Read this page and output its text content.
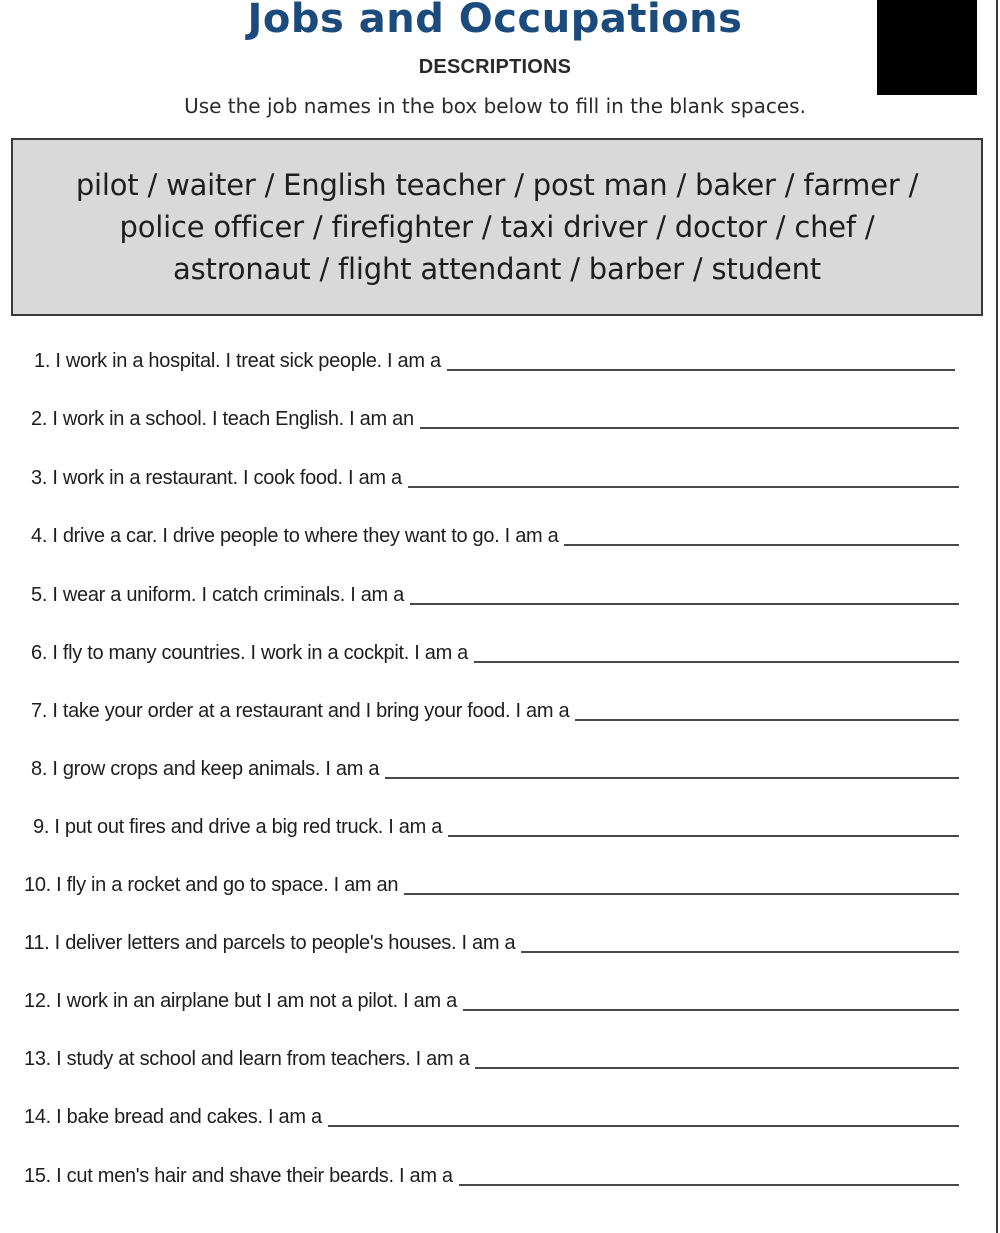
Jobs and Occupations
DESCRIPTIONS
Use the job names in the box below to fill in the blank spaces.
pilot / waiter / English teacher / post man / baker / farmer /
police officer / firefighter / taxi driver / doctor / chef /
astronaut / flight attendant / barber / student
1. I work in a hospital. I treat sick people. I am a
2. I work in a school. I teach English. I am an
3. I work in a restaurant. I cook food. I am a
4. I drive a car. I drive people to where they want to go. I am a
5. I wear a uniform. I catch criminals. I am a
6. I fly to many countries. I work in a cockpit. I am a
7. I take your order at a restaurant and I bring your food. I am a
8. I grow crops and keep animals. I am a
9. I put out fires and drive a big red truck. I am a
10. I fly in a rocket and go to space. I am an
11. I deliver letters and parcels to people's houses. I am a
12. I work in an airplane but I am not a pilot. I am a
13. I study at school and learn from teachers. I am a
14. I bake bread and cakes. I am a
15. I cut men's hair and shave their beards. I am a
